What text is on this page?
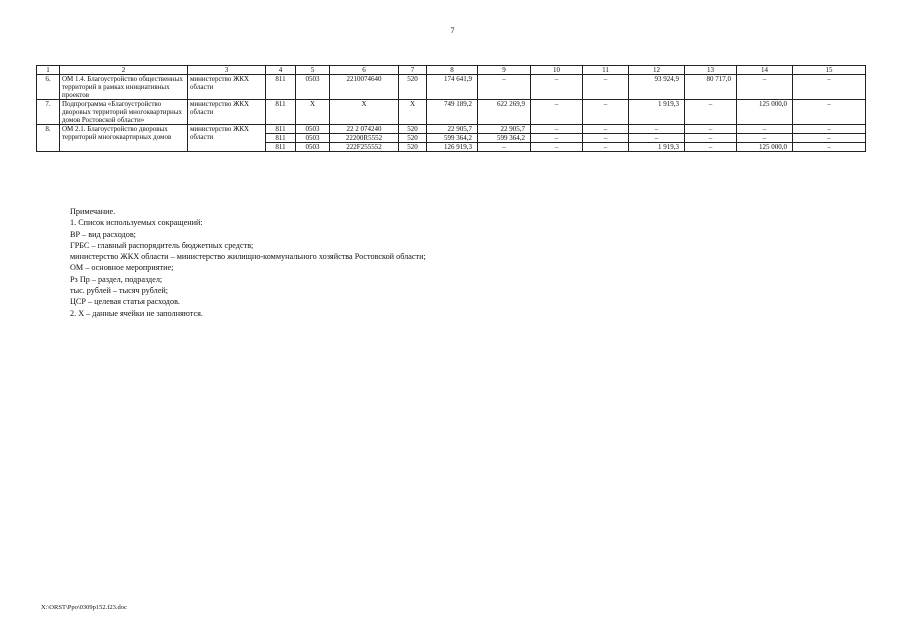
7
1	2	3	4	5	6	7	8	9	10	11	12	13	14	15
6.	ОМ 1.4. Благоустройство общественных территорий в рамках инициативных проектов	министерство ЖКХ области	811	0503	2210074640	520	174 641,9	–	–	–	93 924,9	80 717,0	–	–
7.	Подпрограмма «Благоустройство дворовых территорий многоквартирных домов Ростовской области»	министерство ЖКХ области	811	X	X	X	749 189,2	622 269,9	–	–	1 919,3	–	125 000,0	–
8.	ОМ 2.1. Благоустройство дворовых территорий многоквартирных домов	министерство ЖКХ области	811	0503	22 2 074240	520	22 905,7	22 905,7	–	–	–	–	–	–
			811	0503	22200R5552	520	599 364,2	599 364,2	–	–	–	–	–	–
			811	0503	222F255552	520	126 919,3	–	–	–	1 919,3	–	125 000,0	–
Примечание.
1. Список используемых сокращений:
ВР – вид расходов;
ГРБС – главный распорядитель бюджетных средств;
министерство ЖКХ области – министерство жилищно-коммунального хозяйства Ростовской области;
ОМ – основное мероприятие;
Рз Пр – раздел, подраздел;
тыс. рублей – тысяч рублей;
ЦСР – целевая статья расходов.
2. X – данные ячейки не заполняются.
X:\ORST\Ppo\0309p152.f23.doc
